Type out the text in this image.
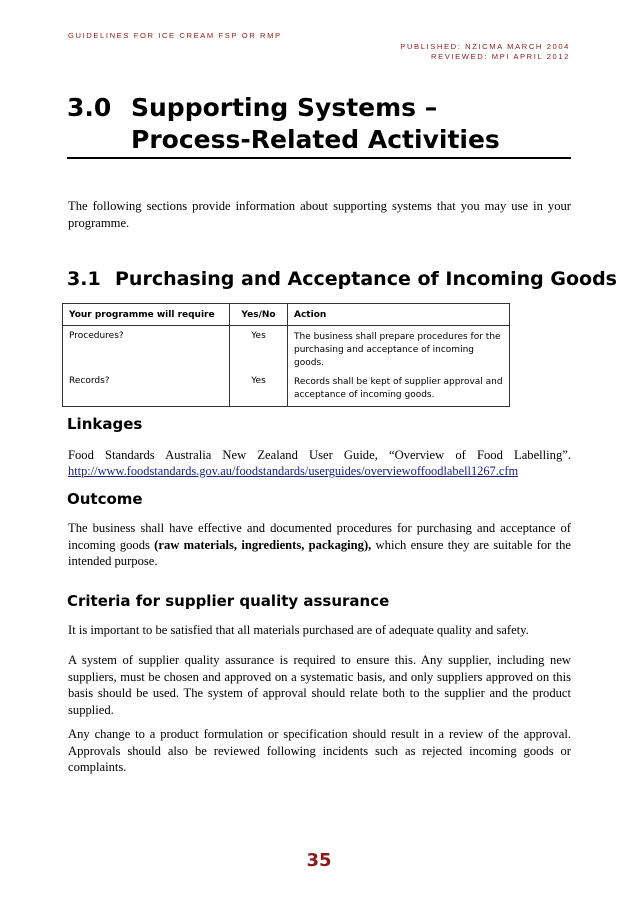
GUIDELINES FOR ICE CREAM FSP OR RMP
PUBLISHED: NZICMA MARCH 2004
REVIEWED: MPI APRIL 2012
3.0 Supporting Systems –
Process-Related Activities
The following sections provide information about supporting systems that you may use in your programme.
3.1 Purchasing and Acceptance of Incoming Goods
Your programme will require	Yes/No	Action
Procedures?	Yes	The business shall prepare procedures for the
purchasing and acceptance of incoming goods.

Records?	Yes	Records shall be kept of supplier approval and
acceptance of incoming goods.
Linkages
Food Standards Australia New Zealand User Guide, “Overview of Food Labelling”.
http://www.foodstandards.gov.au/foodstandards/userguides/overviewoffoodlabell1267.cfm
Outcome
The business shall have effective and documented procedures for purchasing and acceptance of incoming goods (raw materials, ingredients, packaging), which ensure they are suitable for the intended purpose.
Criteria for supplier quality assurance
It is important to be satisfied that all materials purchased are of adequate quality and safety.
A system of supplier quality assurance is required to ensure this. Any supplier, including new suppliers, must be chosen and approved on a systematic basis, and only suppliers approved on this basis should be used. The system of approval should relate both to the supplier and the product supplied.
Any change to a product formulation or specification should result in a review of the approval. Approvals should also be reviewed following incidents such as rejected incoming goods or complaints.
35
